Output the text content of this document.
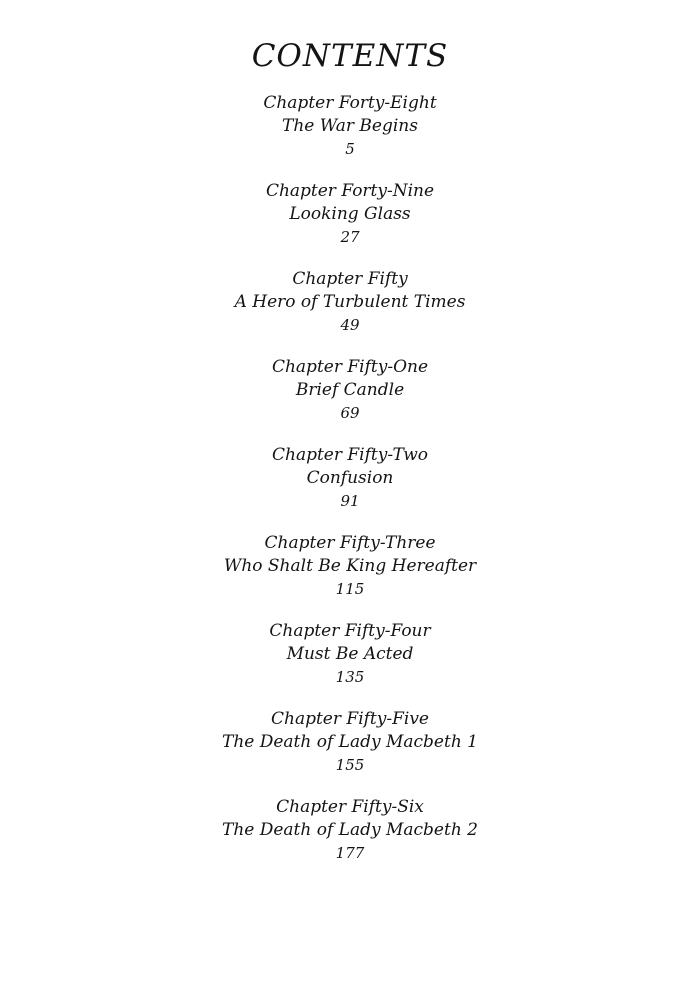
CONTENTS
Chapter Forty-Eight
The War Begins
5
Chapter Forty-Nine
Looking Glass
27
Chapter Fifty
A Hero of Turbulent Times
49
Chapter Fifty-One
Brief Candle
69
Chapter Fifty-Two
Confusion
91
Chapter Fifty-Three
Who Shalt Be King Hereafter
115
Chapter Fifty-Four
Must Be Acted
135
Chapter Fifty-Five
The Death of Lady Macbeth 1
155
Chapter Fifty-Six
The Death of Lady Macbeth 2
177
